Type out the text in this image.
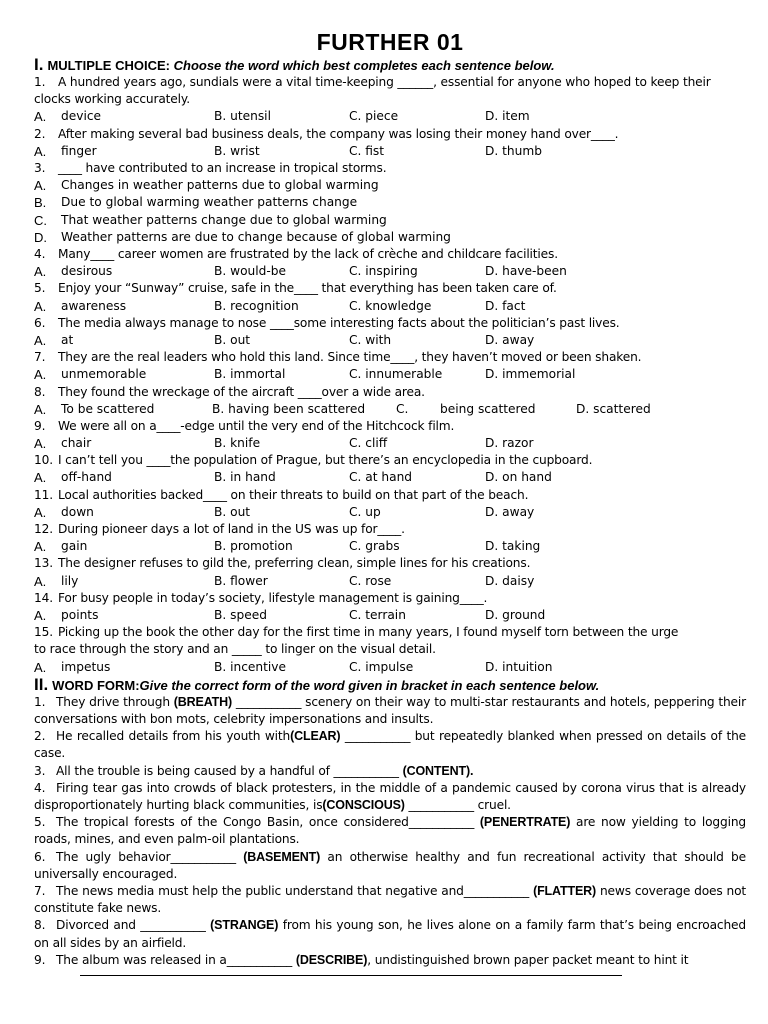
FURTHER 01
I. MULTIPLE CHOICE: Choose the word which best completes each sentence below.
1. A hundred years ago, sundials were a vital time-keeping ______, essential for anyone who hoped to keep their clocks working accurately.
A. device	B. utensil	C. piece	D. item
2. After making several bad business deals, the company was losing their money hand over____.
A. finger	B. wrist	C. fist	D. thumb
3. ____ have contributed to an increase in tropical storms.
A. Changes in weather patterns due to global warming
B. Due to global warming weather patterns change
C. That weather patterns change due to global warming
D. Weather patterns are due to change because of global warming
4. Many____ career women are frustrated by the lack of crèche and childcare facilities.
A. desirous	B. would-be	C. inspiring	D. have-been
5. Enjoy your “Sunway” cruise, safe in the____ that everything has been taken care of.
A. awareness	B. recognition	C. knowledge	D. fact
6. The media always manage to nose ____some interesting facts about the politician’s past lives.
A. at	B. out	C. with	D. away
7. They are the real leaders who hold this land. Since time____, they haven’t moved or been shaken.
A. unmemorable	B. immortal	C. innumerable	D. immemorial
8. They found the wreckage of the aircraft ____over a wide area.
A. To be scattered	B. having been scattered	C.	being scattered	D. scattered
9. We were all on a____-edge until the very end of the Hitchcock film.
A. chair	B. knife	C. cliff	D. razor
10. I can’t tell you ____the population of Prague, but there’s an encyclopedia in the cupboard.
A. off-hand	B. in hand	C. at hand	D. on hand
11. Local authorities backed____ on their threats to build on that part of the beach.
A. down	B. out	C. up	D. away
12. During pioneer days a lot of land in the US was up for____.
A. gain	B. promotion	C. grabs	D. taking
13. The designer refuses to gild the, preferring clean, simple lines for his creations.
A. lily	B. flower	C. rose	D. daisy
14. For busy people in today’s society, lifestyle management is gaining____.
A. points	B. speed	C. terrain	D. ground
15. Picking up the book the other day for the first time in many years, I found myself torn between the urge
to race through the story and an _____ to linger on the visual detail.
A. impetus	B. incentive	C. impulse	D. intuition
II. WORD FORM:Give the correct form of the word given in bracket in each sentence below.
1. They drive through (BREATH) ___________ scenery on their way to multi-star restaurants and hotels, peppering their conversations with bon mots, celebrity impersonations and insults.
2. He recalled details from his youth with(CLEAR) ___________ but repeatedly blanked when pressed on details of the case.
3. All the trouble is being caused by a handful of ___________ (CONTENT).
4. Firing tear gas into crowds of black protesters, in the middle of a pandemic caused by corona virus that is already disproportionately hurting black communities, is(CONSCIOUS) ___________ cruel.
5. The tropical forests of the Congo Basin, once considered___________ (PENERTRATE) are now yielding to logging roads, mines, and even palm-oil plantations.
6. The ugly behavior___________ (BASEMENT) an otherwise healthy and fun recreational activity that should be universally encouraged.
7. The news media must help the public understand that negative and___________ (FLATTER) news coverage does not constitute fake news.
8. Divorced and ___________ (STRANGE) from his young son, he lives alone on a family farm that’s being encroached on all sides by an airfield.
9. The album was released in a___________ (DESCRIBE), undistinguished brown paper packet meant to hint it
